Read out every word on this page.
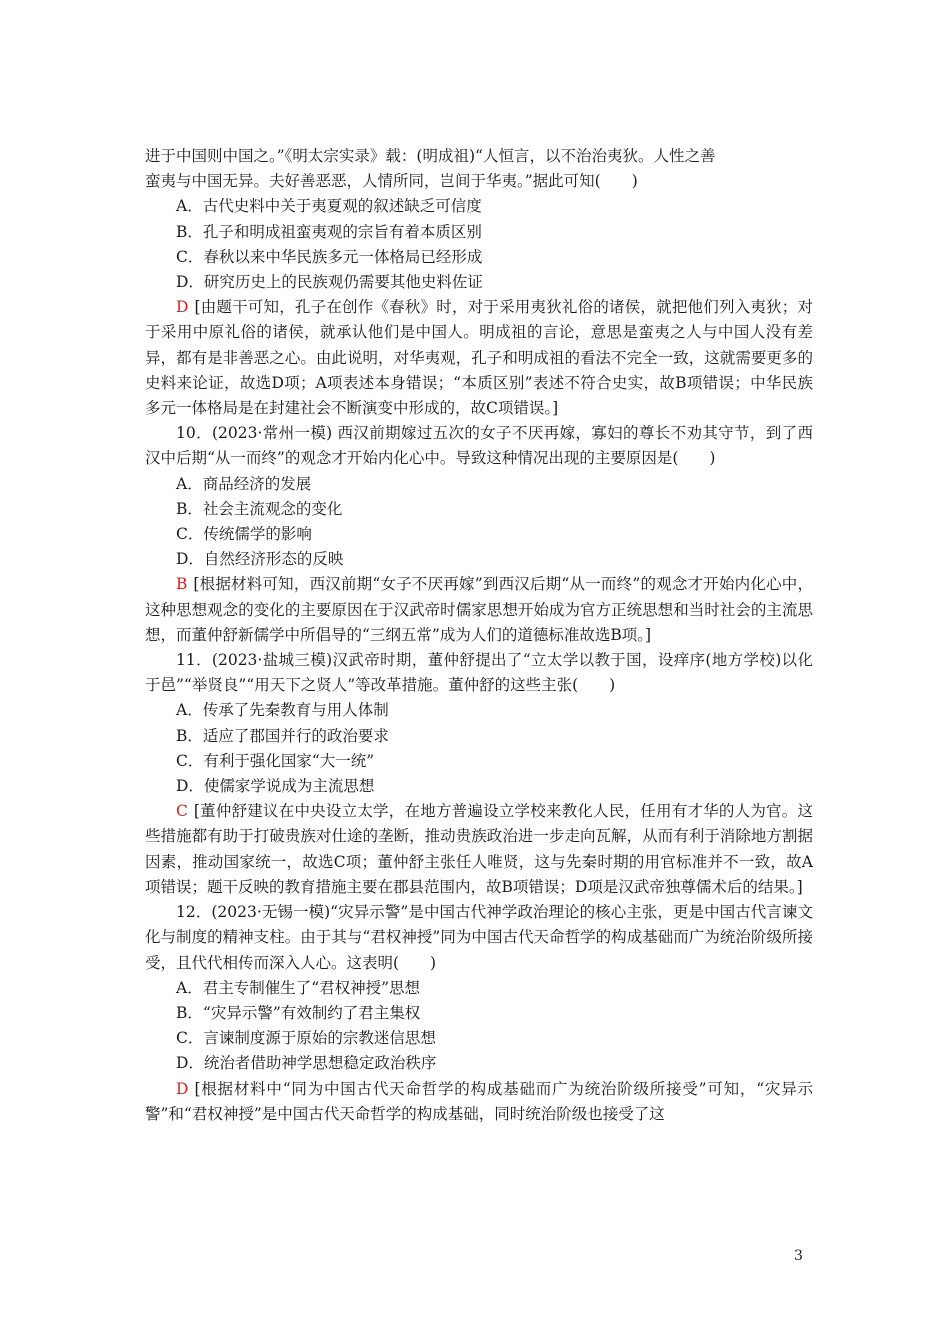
进于中国则中国之。”《明太宗实录》载：(明成祖)“人恒言，以不治治夷狄。人性之善

蛮夷与中国无异。夫好善恶恶，人情所同，岂间于华夷。”据此可知(　　)

A．古代史料中关于夷夏观的叙述缺乏可信度

B．孔子和明成祖蛮夷观的宗旨有着本质区别

C．春秋以来中华民族多元一体格局已经形成

D．研究历史上的民族观仍需要其他史料佐证

D [由题干可知，孔子在创作《春秋》时，对于采用夷狄礼俗的诸侯，就把他们列入夷狄；对于采用中原礼俗的诸侯，就承认他们是中国人。明成祖的言论，意思是蛮夷之人与中国人没有差异，都有是非善恶之心。由此说明，对华夷观，孔子和明成祖的看法不完全一致，这就需要更多的史料来论证，故选D项；A项表述本身错误；“本质区别”表述不符合史实，故B项错误；中华民族多元一体格局是在封建社会不断演变中形成的，故C项错误。]

10．(2023·常州一模) 西汉前期嫁过五次的女子不厌再嫁，寡妇的尊长不劝其守节，到了西汉中后期“从一而终”的观念才开始内化心中。导致这种情况出现的主要原因是(　　)

A．商品经济的发展

B．社会主流观念的变化

C．传统儒学的影响

D．自然经济形态的反映

B [根据材料可知，西汉前期“女子不厌再嫁”到西汉后期“从一而终”的观念才开始内化心中，这种思想观念的变化的主要原因在于汉武帝时儒家思想开始成为官方正统思想和当时社会的主流思想，而董仲舒新儒学中所倡导的“三纲五常”成为人们的道德标准故选B项。]

11．(2023·盐城三模)汉武帝时期，董仲舒提出了“立太学以教于国，设痒序(地方学校)以化于邑”“举贤良”“用天下之贤人”等改革措施。董仲舒的这些主张(　　)

A．传承了先秦教育与用人体制

B．适应了郡国并行的政治要求

C．有利于强化国家“大一统”

D．使儒家学说成为主流思想

C [董仲舒建议在中央设立太学，在地方普遍设立学校来教化人民，任用有才华的人为官。这些措施都有助于打破贵族对仕途的垄断，推动贵族政治进一步走向瓦解，从而有利于消除地方割据因素，推动国家统一，故选C项；董仲舒主张任人唯贤，这与先秦时期的用官标准并不一致，故A项错误；题干反映的教育措施主要在郡县范围内，故B项错误；D项是汉武帝独尊儒术后的结果。]

12．(2023·无锡一模)“灾异示警”是中国古代神学政治理论的核心主张，更是中国古代言谏文化与制度的精神支柱。由于其与“君权神授”同为中国古代天命哲学的构成基础而广为统治阶级所接受，且代代相传而深入人心。这表明(　　)

A．君主专制催生了“君权神授”思想

B．“灾异示警”有效制约了君主集权

C．言谏制度源于原始的宗教迷信思想

D．统治者借助神学思想稳定政治秩序

D [根据材料中“同为中国古代天命哲学的构成基础而广为统治阶级所接受”可知，“灾异示警”和“君权神授”是中国古代天命哲学的构成基础，同时统治阶级也接受了这

3
